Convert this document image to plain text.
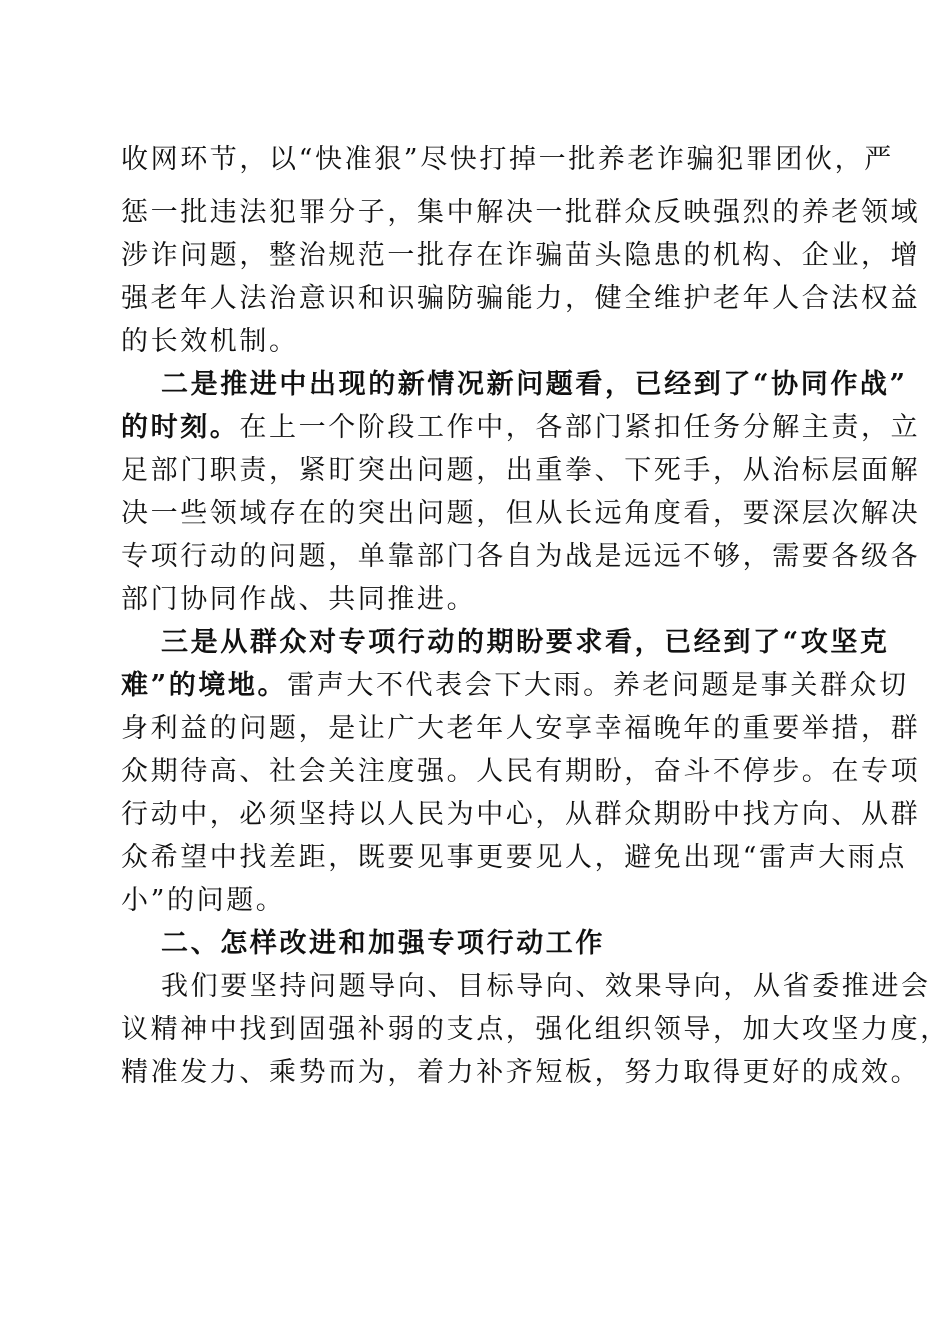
收网环节，以“快准狠”尽快打掉一批养老诈骗犯罪团伙，严
惩一批违法犯罪分子，集中解决一批群众反映强烈的养老领域
涉诈问题，整治规范一批存在诈骗苗头隐患的机构、企业，增
强老年人法治意识和识骗防骗能力，健全维护老年人合法权益
的长效机制。
二是推进中出现的新情况新问题看，已经到了“协同作战”
的时刻。在上一个阶段工作中，各部门紧扣任务分解主责，立
足部门职责，紧盯突出问题，出重拳、下死手，从治标层面解
决一些领域存在的突出问题，但从长远角度看，要深层次解决
专项行动的问题，单靠部门各自为战是远远不够，需要各级各
部门协同作战、共同推进。
三是从群众对专项行动的期盼要求看，已经到了“攻坚克
难”的境地。雷声大不代表会下大雨。养老问题是事关群众切
身利益的问题，是让广大老年人安享幸福晚年的重要举措，群
众期待高、社会关注度强。人民有期盼，奋斗不停步。在专项
行动中，必须坚持以人民为中心，从群众期盼中找方向、从群
众希望中找差距，既要见事更要见人，避免出现“雷声大雨点
小”的问题。
二、怎样改进和加强专项行动工作
我们要坚持问题导向、目标导向、效果导向，从省委推进会
议精神中找到固强补弱的支点，强化组织领导，加大攻坚力度，
精准发力、乘势而为，着力补齐短板，努力取得更好的成效。
